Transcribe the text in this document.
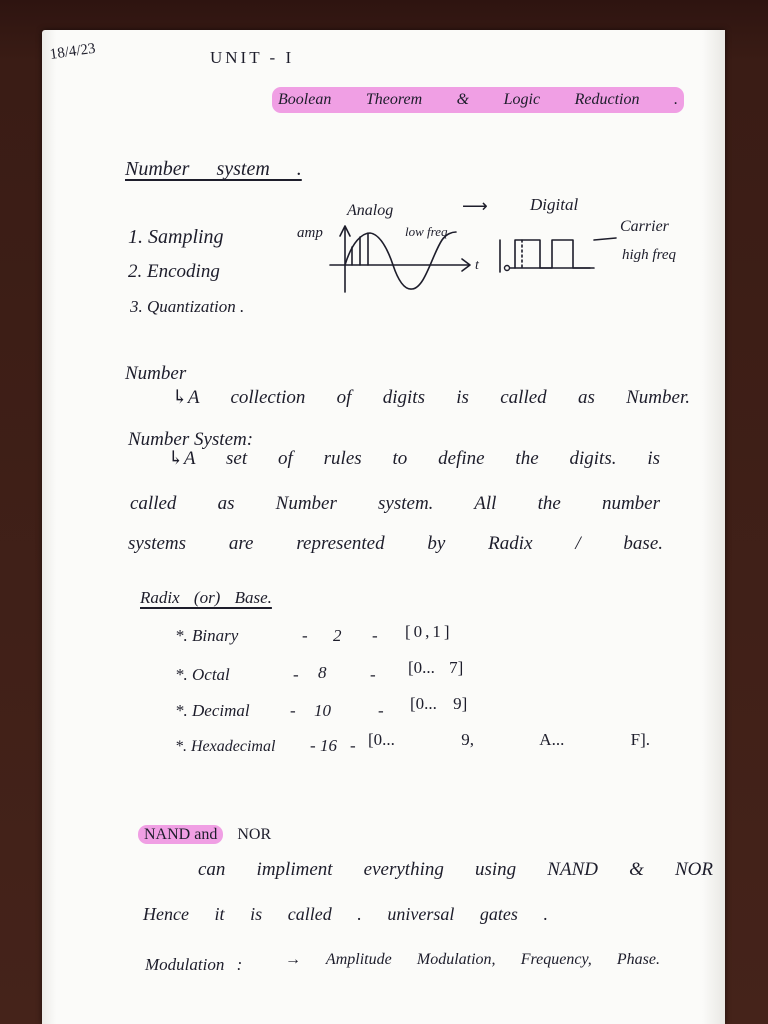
18/4/23	UNIT - I
Boolean Theorem & Logic Reduction .
Number system .
1. Sampling
2. Encoding
3. Quantization .
Analog	⟶ Digital
amp	low freq
t
Carrier
high freq
Number
↳A collection of digits is called as Number.
Number System:
↳A set of rules to define the digits. is
called as Number system. All the number
systems are represented by Radix / base.
Radix (or) Base.
*. Binary	- 2 - [0,1]
*. Octal	- 8	- [0... 7]
*. Decimal - 10	- [0... 9]
*. Hexadecimal - 16 - [0... 9, A... F].
NAND and NOR
can impliment everything using NAND & NOR
Hence it is called . universal gates .
Modulation :	→ Amplitude Modulation, Frequency, Phase.
